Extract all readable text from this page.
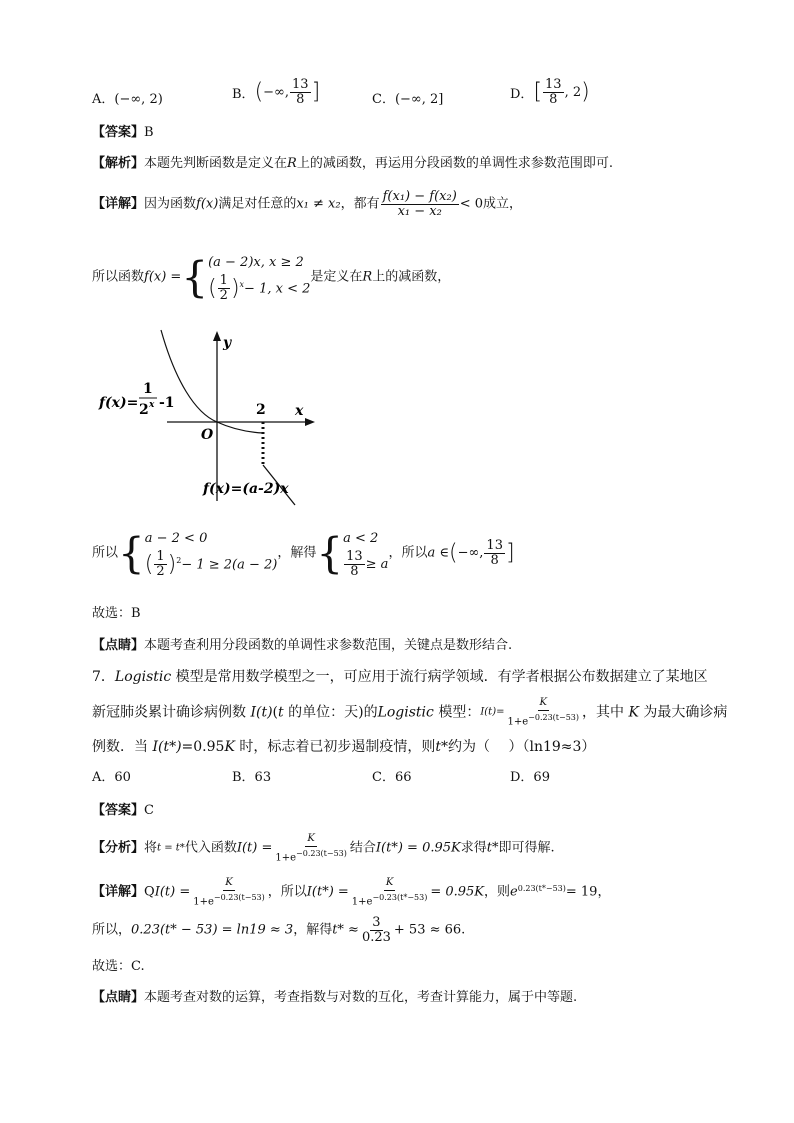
A．(−∞, 2)	B．(−∞, $\frac{13}{8}$ ]	C．(−∞, 2]	D．[ $\frac{13}{8}$ , 2)
【答案】B
【解析】本题先判断函数是定义在R上的减函数，再运用分段函数的单调性求参数范围即可.
【详解】因为函数f(x)满足对任意的x₁ ≠ x₂，都有 $\frac{\text{f(x₁) − f(x₂)}}{\text{x₁ − x₂}} < 0$成立，
所以函数f(x) ={(a − 2)x, x ≥ 2
( $\frac{1}{2} )^x- 1$, x < 2是定义在R上的减函数，
y
x
O
2
f(x)=
1
2 x -1
f(x)=(a-2)x
所以{a − 2 < 0
( $\frac{1}{2} )^2- 1 \ge 2(a - 2)$，解得{a < 2

$\frac{13}{8} \ge a$，所以a ∈(−∞, $\frac{13}{8}$ ]
故选：B
【点睛】本题考查利用分段函数的单调性求参数范围，关键点是数形结合.
7．Logistic 模型是常用数学模型之一，可应用于流行病学领域．有学者根据公布数据建立了某地区
新冠肺炎累计确诊病例数 I(t)(t 的单位：天)的Logistic 模型：$I(t)= \frac{K}{1+e^{-0.23(t-53)}}$ ，其中 K 为最大确诊病
例数．当 I(t*)=0.95K 时，标志着已初步遏制疫情，则t*约为（　 ）（ln19≈3）
A．60	B．63	C．66	D．69
【答案】C
【分析】将t = t*代入函数$I(t) = \frac{K}{1+e^{-0.23(t-53)}}$ 结合I(t*) = 0.95K求得t*即可得解.
【详解】$QI(t) = \frac{K}{1+e^{-0.23(t-53)}}$ ，所以$I(t*) = \frac{K}{1+e^{-0.23(t*-53)}} = 0.95K$，则$e^{0.23(t*-53)}= 19$，
所以，0.23(t* − 53) = ln19 ≈ 3，解得$t* \approx \frac{3}{0.23} + 53 \approx 66$.
故选：C.
【点睛】本题考查对数的运算，考查指数与对数的互化，考查计算能力，属于中等题.
